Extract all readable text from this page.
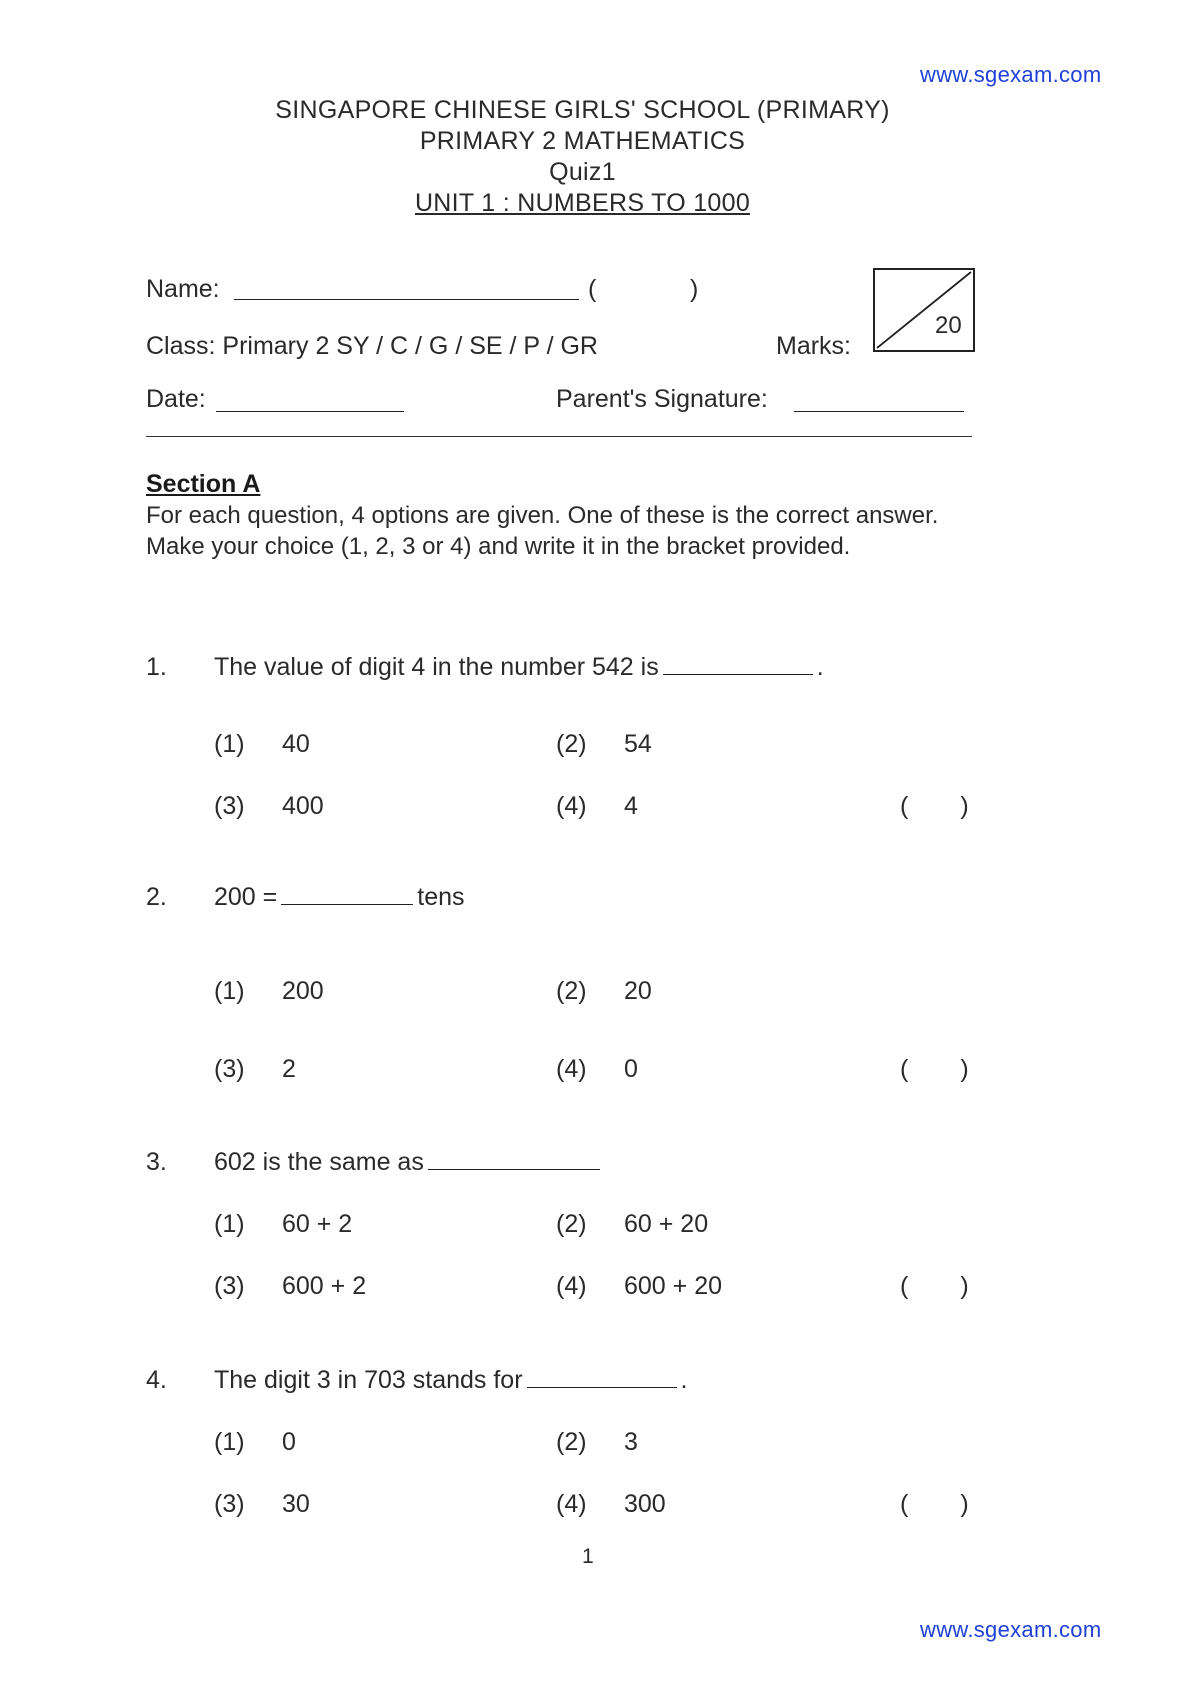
www.sgexam.com
SINGAPORE CHINESE GIRLS' SCHOOL (PRIMARY)
PRIMARY 2 MATHEMATICS
Quiz1
UNIT 1 : NUMBERS TO 1000
Name:	(	)
20
Class: Primary 2 SY / C / G / SE / P / GR	Marks:
Date:	Parent's Signature:
Section A
For each question, 4 options are given. One of these is the correct answer. Make your choice (1, 2, 3 or 4) and write it in the bracket provided.
1. The value of digit 4 in the number 542 is	.
(1) 40	(2) 54
(3) 400	(4) 4	( )
2. 200 =	tens
(1) 200	(2) 20
(3) 2	(4) 0	( )
3. 602 is the same as
(1) 60 + 2	(2) 60 + 20
(3) 600 + 2	(4) 600 + 20	( )
4. The digit 3 in 703 stands for	.
(1) 0	(2) 3
(3) 30	(4) 300	( )
1
www.sgexam.com
